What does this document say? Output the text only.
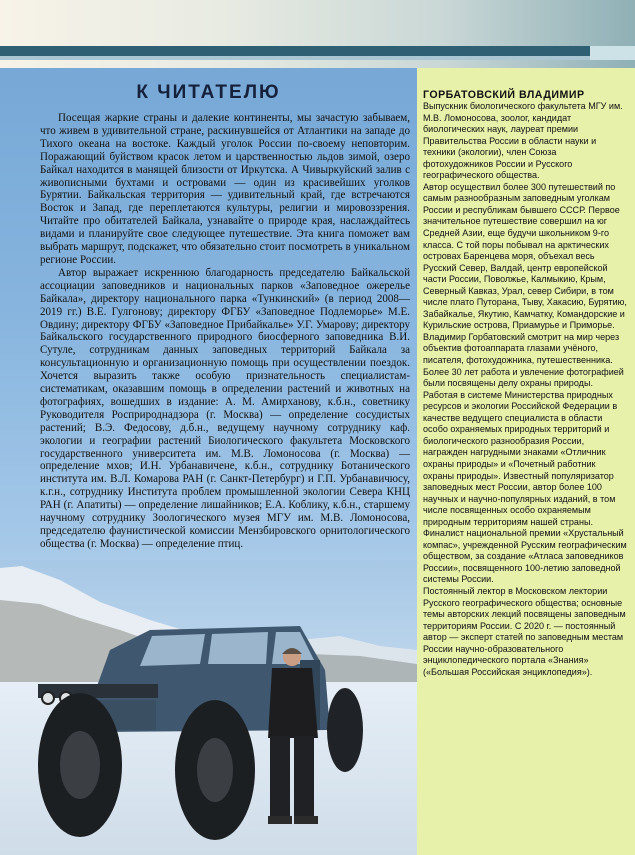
К ЧИТАТЕЛЮ

Посещая жаркие страны и далекие континенты, мы зачастую забываем, что живем в удивительной стране, раскинувшейся от Атлантики на западе до Тихого океана на востоке. Каждый уголок России по-своему неповторим. Поражающий буйством красок летом и царственностью льдов зимой, озеро Байкал находится в манящей близости от Иркутска. А Чивыркуйский залив с живописными бухтами и островами — один из красивейших уголков Бурятии. Байкальская территория — удивительный край, где встречаются Восток и Запад, где переплетаются культуры, религии и мировоззрения. Читайте про обитателей Байкала, узнавайте о природе края, наслаждайтесь видами и планируйте свое следующее путешествие. Эта книга поможет вам выбрать маршрут, подскажет, что обязательно стоит посмотреть в уникальном регионе России.

Автор выражает искреннюю благодарность председателю Байкальской ассоциации заповедников и национальных парков «Заповедное ожерелье Байкала», директору национального парка «Тункинский» (в период 2008—2019 гг.) В.Е. Гулгонову; директору ФГБУ «Заповедное Подлеморье» М.Е. Овдину; директору ФГБУ «Заповедное Прибайкалье» У.Г. Умарову; директору Байкальского государственного природного биосферного заповедника В.И. Сутулe, сотрудникам данных заповедных территорий Байкала за консультационную и организационную помощь при осуществлении поездок. Хочется выразить также особую признательность специалистам-систематикам, оказавшим помощь в определении растений и животных на фотографиях, вошедших в издание: А. М. Амирханову, к.б.н., советнику Руководителя Росприроднадзора (г. Москва) — определение сосудистых растений; В.Э. Федосову, д.б.н., ведущему научному сотруднику каф. экологии и географии растений Биологического факультета Московского государственного университета им. М.В. Ломоносова (г. Москва) — определение мхов; И.Н. Урбанавичене, к.б.н., сотруднику Ботанического института им. В.Л. Комарова РАН (г. Санкт-Петербург) и Г.П. Урбанавичюсу, к.г.н., сотруднику Института проблем промышленной экологии Севера КНЦ РАН (г. Апатиты) — определение лишайников; Е.А. Коблику, к.б.н., старшему научному сотруднику Зоологического музея МГУ им. М.В. Ломоносова, председателю фаунистической комиссии Мензбировского орнитологического общества (г. Москва) — определение птиц.

ГОРБАТОВСКИЙ ВЛАДИМИР

Выпускник биологического факультета МГУ им. М.В. Ломоносова, зоолог, кандидат биологических наук, лауреат премии Правительства России в области науки и техники (экологии), член Союза фотохудожников России и Русского географического общества.

Автор осуществил более 300 путешествий по самым разнообразным заповедным уголкам России и республикам бывшего СССР. Первое значительное путешествие совершил на юг Средней Азии, еще будучи школьником 9-го класса. С той поры побывал на арктических островах Баренцева моря, объехал весь Русский Север, Валдай, центр европейской части России, Поволжье, Калмыкию, Крым, Северный Кавказ, Урал, север Сибири, в том числе плато Путорана, Тыву, Хакасию, Бурятию, Забайкалье, Якутию, Камчатку, Командорские и Курильские острова, Приамурье и Приморье.

Владимир Горбатовский смотрит на мир через объектив фотоаппарата глазами учёного, писателя, фотохудожника, путешественника. Более 30 лет работа и увлечение фотографией были посвящены делу охраны природы. Работая в системе Министерства природных ресурсов и экологии Российской Федерации в качестве ведущего специалиста в области особо охраняемых природных территорий и биологического разнообразия России, награжден нагрудными знаками «Отличник охраны природы» и «Почетный работник охраны природы». Известный популяризатор заповедных мест России, автор более 100 научных и научно-популярных изданий, в том числе посвященных особо охраняемым природным территориям нашей страны. Финалист национальной премии «Хрустальный компас», учрежденной Русским географическим обществом, за создание «Атласа заповедников России», посвященного 100-летию заповедной системы России.

Постоянный лектор в Московском лектории Русского географического общества; основные темы авторских лекций посвящены заповедным территориям России. С 2020 г. — постоянный автор — эксперт статей по заповедным местам России научно-образовательного энциклопедического портала «Знания» («Большая Российская энциклопедия»).
